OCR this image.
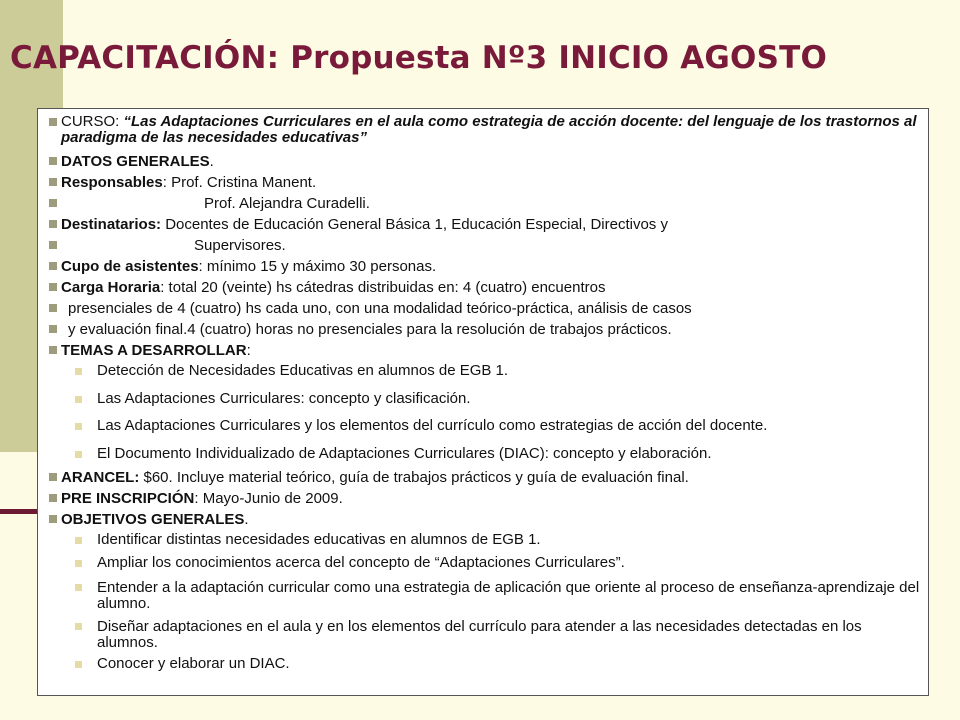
CAPACITACIÓN: Propuesta Nº3 INICIO AGOSTO
CURSO: “Las Adaptaciones Curriculares en el aula como estrategia de acción docente: del lenguaje de los trastornos al paradigma de las necesidades educativas”
DATOS GENERALES.
Responsables: Prof. Cristina Manent.
Prof. Alejandra Curadelli.
Destinatarios: Docentes de Educación General Básica 1, Educación Especial, Directivos y
Supervisores.
Cupo de asistentes: mínimo 15 y máximo 30 personas.
Carga Horaria: total 20 (veinte) hs cátedras distribuidas en: 4 (cuatro) encuentros
presenciales de 4 (cuatro) hs cada uno, con una modalidad teórico-práctica, análisis de casos
y evaluación final.4 (cuatro) horas no presenciales para la resolución de trabajos prácticos.
TEMAS A DESARROLLAR:
Detección de Necesidades Educativas en alumnos de EGB 1.
Las Adaptaciones Curriculares: concepto y clasificación.
Las Adaptaciones Curriculares y los elementos del currículo como estrategias de acción del docente.
El Documento Individualizado de Adaptaciones Curriculares (DIAC): concepto y elaboración.
ARANCEL: $60. Incluye material teórico, guía de trabajos prácticos y guía de evaluación final.
PRE INSCRIPCIÓN: Mayo-Junio de 2009.
OBJETIVOS GENERALES.
Identificar distintas necesidades educativas en alumnos de EGB 1.
Ampliar los conocimientos acerca del concepto de “Adaptaciones Curriculares”.
Entender a la adaptación curricular como una estrategia de aplicación que oriente al proceso de enseñanza-aprendizaje del alumno.
Diseñar adaptaciones en el aula y en los elementos del currículo para atender a las necesidades detectadas en los alumnos.
Conocer y elaborar un DIAC.
